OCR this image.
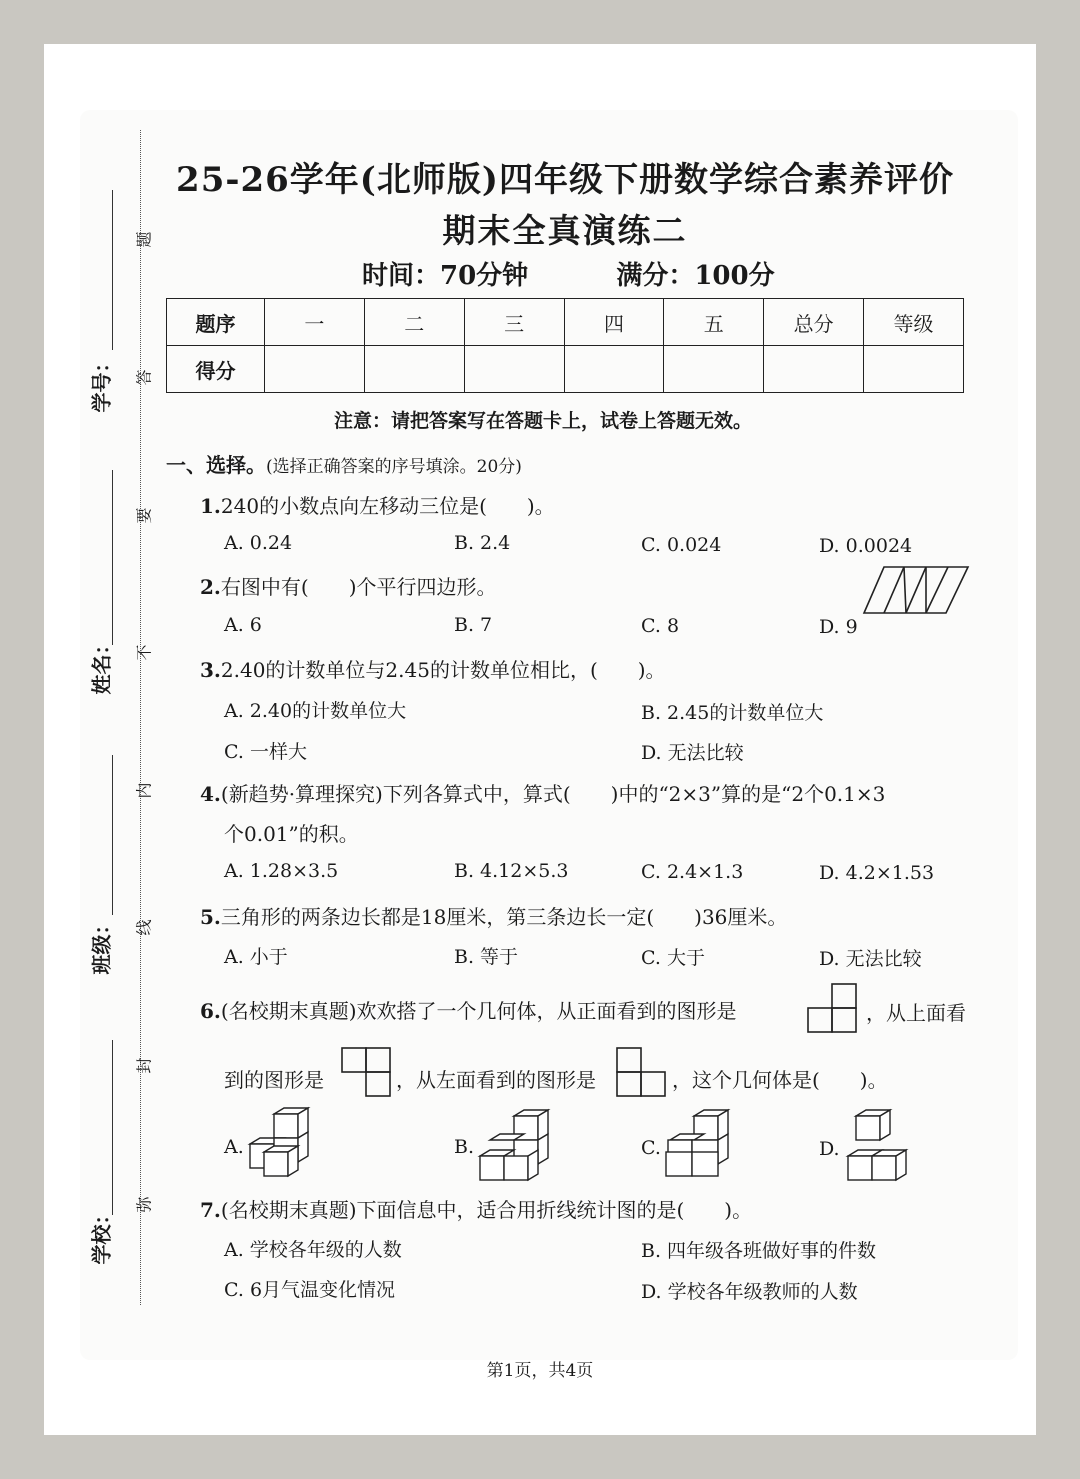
学号：
姓名：
班级：
学校：
题
答
要
不
内
线
封
弥
25-26学年(北师版)四年级下册数学综合素养评价
期末全真演练二
时间：70分钟	满分：100分
题序	一	二	三	四	五	总分	等级
得分							
注意：请把答案写在答题卡上，试卷上答题无效。
一、选择。(选择正确答案的序号填涂。20分)
1.240的小数点向左移动三位是(　　)。
A. 0.24	B. 2.4	C. 0.024	D. 0.0024
2.右图中有(　　)个平行四边形。
A. 6	B. 7	C. 8	D. 9
3.2.40的计数单位与2.45的计数单位相比，(　　)。
A. 2.40的计数单位大	B. 2.45的计数单位大
C. 一样大	D. 无法比较
4.(新趋势·算理探究)下列各算式中，算式(　　)中的“2×3”算的是“2个0.1×3
个0.01”的积。
A. 1.28×3.5	B. 4.12×5.3	C. 2.4×1.3	D. 4.2×1.53
5.三角形的两条边长都是18厘米，第三条边长一定(　　)36厘米。
A. 小于	B. 等于	C. 大于	D. 无法比较
6.(名校期末真题)欢欢搭了一个几何体，从正面看到的图形是	，从上面看
到的图形是	，从左面看到的图形是	，这个几何体是(　　)。
A.	B.	C.	D.
7.(名校期末真题)下面信息中，适合用折线统计图的是(　　)。
A. 学校各年级的人数	B. 四年级各班做好事的件数
C. 6月气温变化情况	D. 学校各年级教师的人数
第1页，共4页
